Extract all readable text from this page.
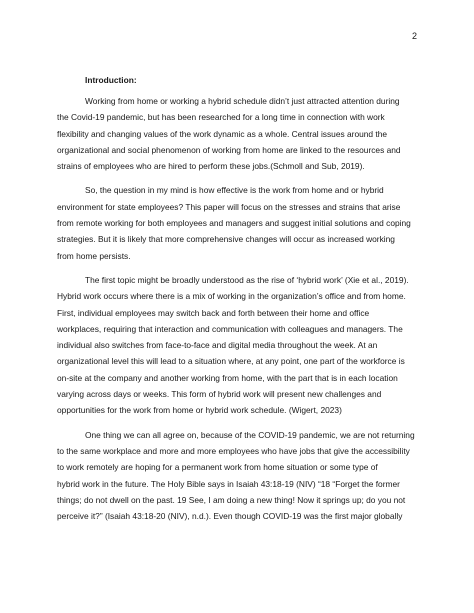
2
Introduction:
Working from home or working a hybrid schedule didn’t just attracted attention during
the Covid-19 pandemic, but has been researched for a long time in connection with work
flexibility and changing values of the work dynamic as a whole. Central issues around the
organizational and social phenomenon of working from home are linked to the resources and
strains of employees who are hired to perform these jobs.(Schmoll and Sub, 2019).
So, the question in my mind is how effective is the work from home and or hybrid
environment for state employees? This paper will focus on the stresses and strains that arise
from remote working for both employees and managers and suggest initial solutions and coping
strategies. But it is likely that more comprehensive changes will occur as increased working
from home persists.
The first topic might be broadly understood as the rise of ‘hybrid work’ (Xie et al., 2019).
Hybrid work occurs where there is a mix of working in the organization’s office and from home.
First, individual employees may switch back and forth between their home and office
workplaces, requiring that interaction and communication with colleagues and managers. The
individual also switches from face-to-face and digital media throughout the week. At an
organizational level this will lead to a situation where, at any point, one part of the workforce is
on-site at the company and another working from home, with the part that is in each location
varying across days or weeks. This form of hybrid work will present new challenges and
opportunities for the work from home or hybrid work schedule. (Wigert, 2023)
One thing we can all agree on, because of the COVID-19 pandemic, we are not returning
to the same workplace and more and more employees who have jobs that give the accessibility
to work remotely are hoping for a permanent work from home situation or some type of
hybrid work in the future. The Holy Bible says in Isaiah 43:18-19 (NIV) “18 “Forget the former
things; do not dwell on the past. 19 See, I am doing a new thing! Now it springs up; do you not
perceive it?” (Isaiah 43:18-20 (NIV), n.d.). Even though COVID-19 was the first major globally
